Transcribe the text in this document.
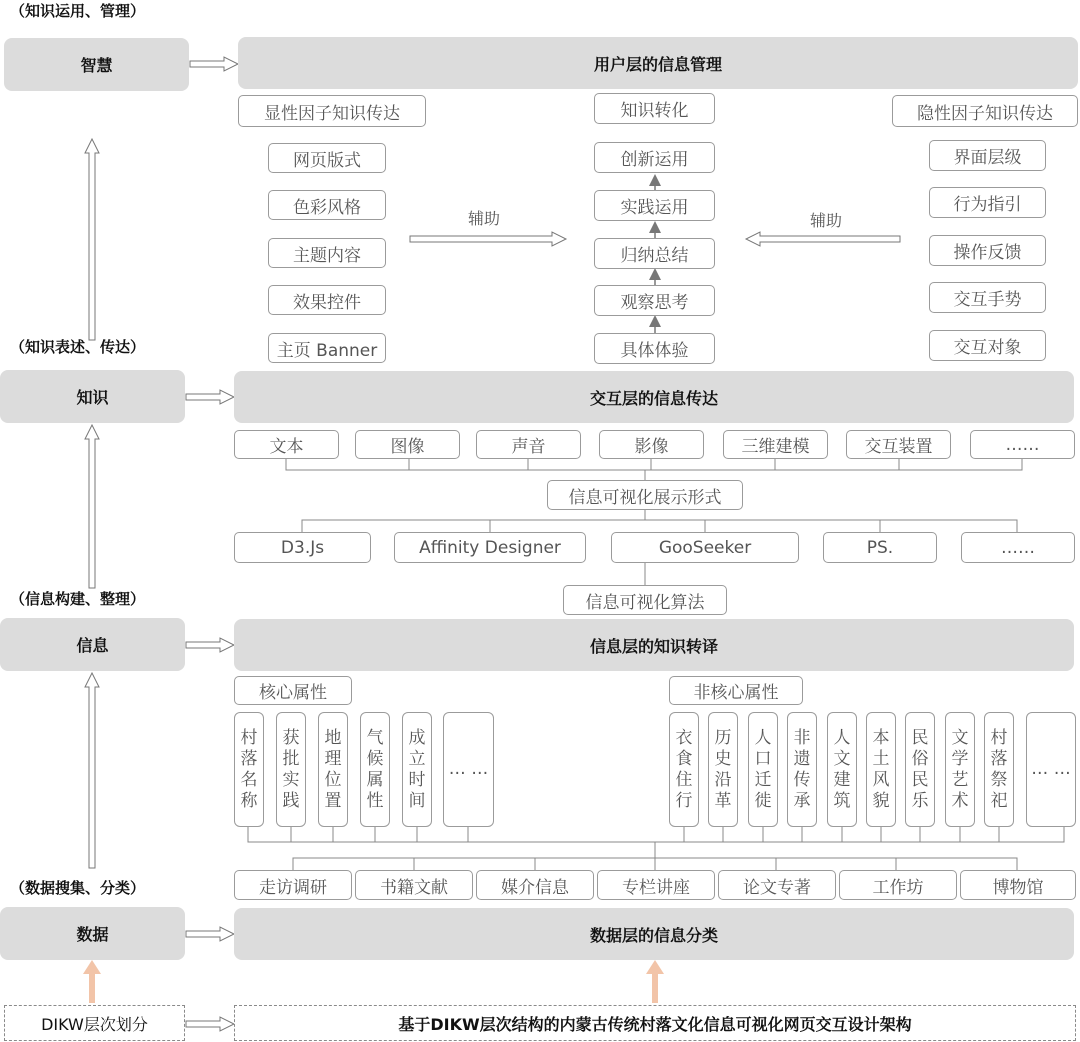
（知识运用、管理）
（知识表述、传达）
（信息构建、整理）
（数据搜集、分类）
智慧
知识
信息
数据
DIKW层次划分
用户层的信息管理
交互层的信息传达
信息层的知识转译
数据层的信息分类
基于DIKW层次结构的内蒙古传统村落文化信息可视化网页交互设计架构
显性因子知识传达
网页版式
色彩风格
主题内容
效果控件
主页 Banner
知识转化
创新运用
实践运用
归纳总结
观察思考
具体体验
隐性因子知识传达
界面层级
行为指引
操作反馈
交互手势
交互对象
辅助	辅助
文本	图像	声音	影像	三维建模	交互装置	……
信息可视化展示形式
D3.Js	Affinity Designer	GooSeeker	PS.	……
信息可视化算法
核心属性	非核心属性
村落名称
获批实践
地理位置
气候属性
成立时间
… …
衣食住行
历史沿革
人口迁徙
非遗传承
人文建筑
本土风貌
民俗民乐
文学艺术
村落祭祀
… …
走访调研	书籍文献	媒介信息	专栏讲座	论文专著	工作坊	博物馆
